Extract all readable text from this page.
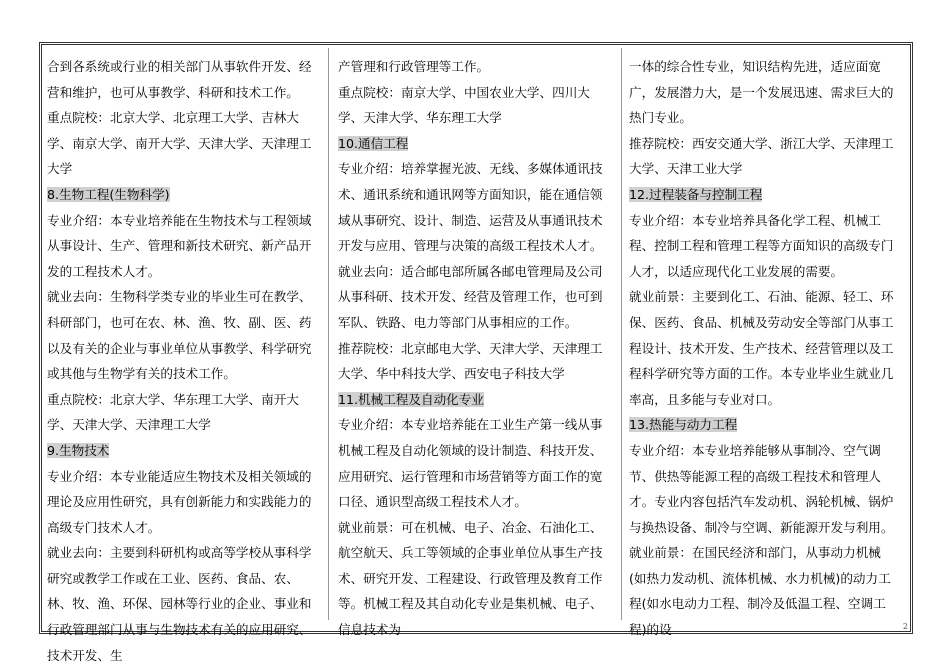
合到各系统或行业的相关部门从事软件开发、经营和维护，也可从事教学、科研和技术工作。

重点院校：北京大学、北京理工大学、吉林大学、南京大学、南开大学、天津大学、天津理工大学

8.生物工程(生物科学)

专业介绍：本专业培养能在生物技术与工程领域从事设计、生产、管理和新技术研究、新产品开发的工程技术人才。

就业去向：生物科学类专业的毕业生可在教学、科研部门，也可在农、林、渔、牧、副、医、药以及有关的企业与事业单位从事教学、科学研究或其他与生物学有关的技术工作。

重点院校：北京大学、华东理工大学、南开大学、天津大学、天津理工大学

9.生物技术

专业介绍：本专业能适应生物技术及相关领域的理论及应用性研究，具有创新能力和实践能力的高级专门技术人才。

就业去向：主要到科研机构或高等学校从事科学研究或教学工作或在工业、医药、食品、农、林、牧、渔、环保、园林等行业的企业、事业和行政管理部门从事与生物技术有关的应用研究、技术开发、生

产管理和行政管理等工作。

重点院校：南京大学、中国农业大学、四川大学、天津大学、华东理工大学

10.通信工程

专业介绍：培养掌握光波、无线、多媒体通讯技术、通讯系统和通讯网等方面知识，能在通信领域从事研究、设计、制造、运营及从事通讯技术开发与应用、管理与决策的高级工程技术人才。

就业去向：适合邮电部所属各邮电管理局及公司从事科研、技术开发、经营及管理工作，也可到军队、铁路、电力等部门从事相应的工作。

推荐院校：北京邮电大学、天津大学、天津理工大学、华中科技大学、西安电子科技大学

11.机械工程及自动化专业

专业介绍：本专业培养能在工业生产第一线从事机械工程及自动化领域的设计制造、科技开发、应用研究、运行管理和市场营销等方面工作的宽口径、通识型高级工程技术人才。

就业前景：可在机械、电子、冶金、石油化工、航空航天、兵工等领域的企事业单位从事生产技术、研究开发、工程建设、行政管理及教育工作等。机械工程及其自动化专业是集机械、电子、信息技术为

一体的综合性专业，知识结构先进，适应面宽广，发展潜力大，是一个发展迅速、需求巨大的热门专业。

推荐院校：西安交通大学、浙江大学、天津理工大学、天津工业大学

12.过程装备与控制工程

专业介绍：本专业培养具备化学工程、机械工程、控制工程和管理工程等方面知识的高级专门人才，以适应现代化工业发展的需要。

就业前景：主要到化工、石油、能源、轻工、环保、医药、食品、机械及劳动安全等部门从事工程设计、技术开发、生产技术、经营管理以及工程科学研究等方面的工作。本专业毕业生就业几率高，且多能与专业对口。

13.热能与动力工程

专业介绍：本专业培养能够从事制冷、空气调节、供热等能源工程的高级工程技术和管理人才。专业内容包括汽车发动机、涡轮机械、锅炉与换热设备、制冷与空调、新能源开发与利用。

就业前景：在国民经济和部门，从事动力机械(如热力发动机、流体机械、水力机械)的动力工程(如水电动力工程、制冷及低温工程、空调工程)的设	2
